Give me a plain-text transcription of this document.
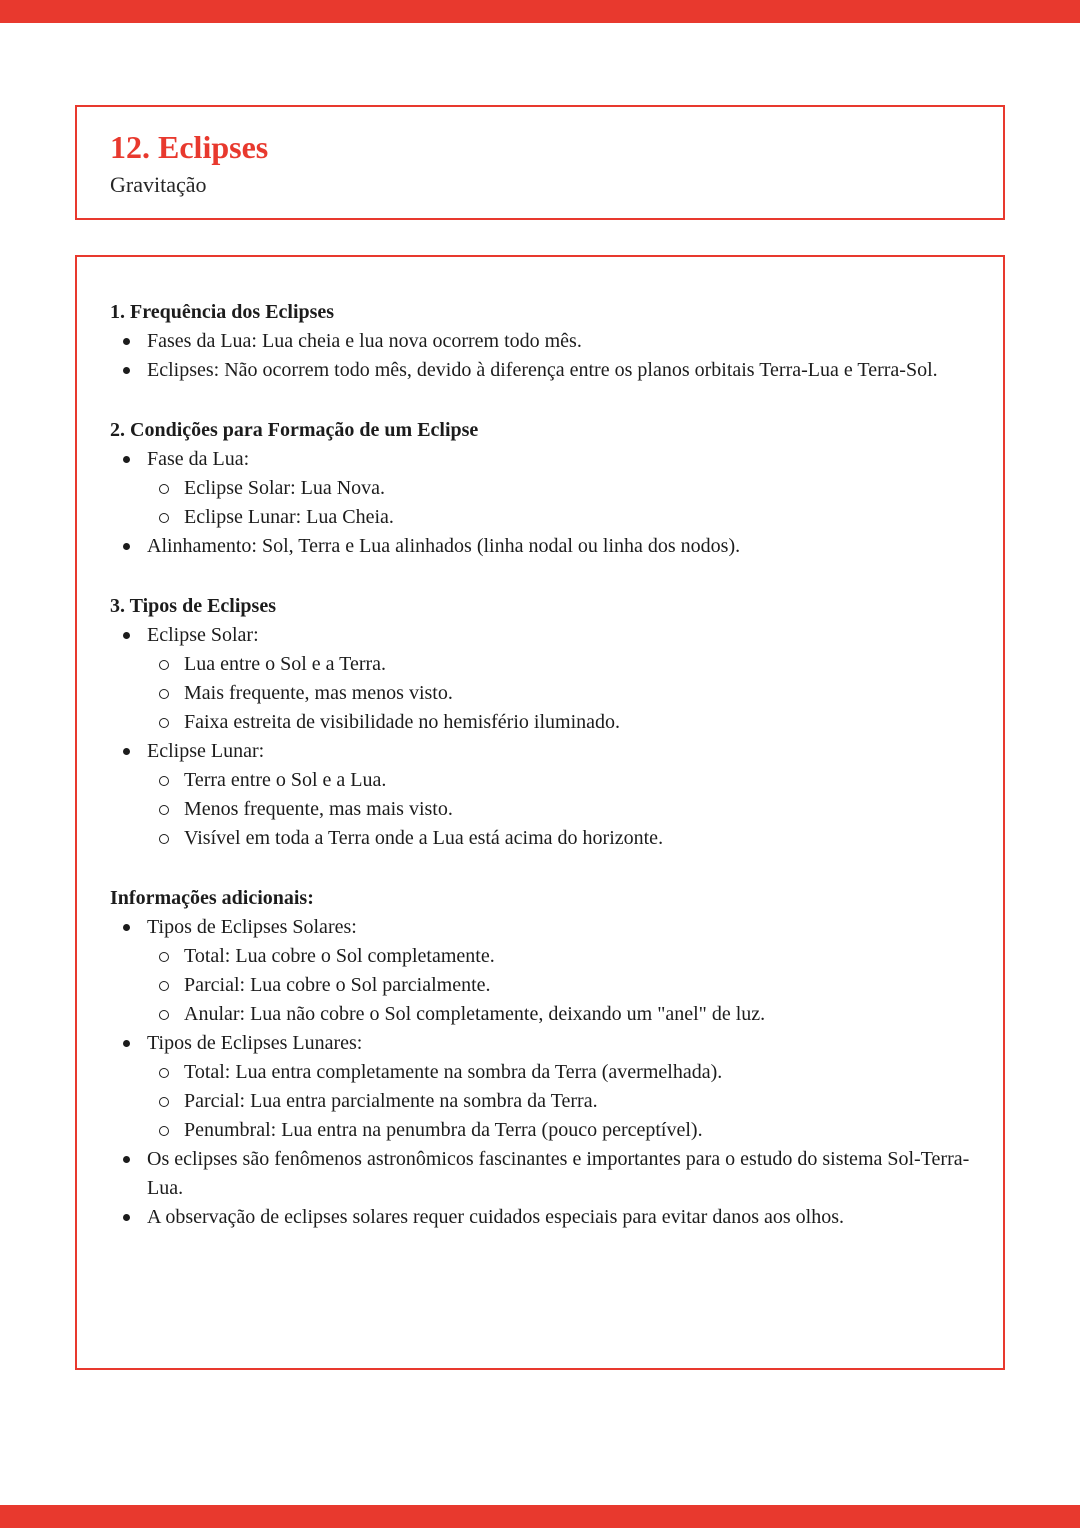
12. Eclipses
Gravitação
1. Frequência dos Eclipses
Fases da Lua: Lua cheia e lua nova ocorrem todo mês.
Eclipses: Não ocorrem todo mês, devido à diferença entre os planos orbitais Terra-Lua e Terra-Sol.
2. Condições para Formação de um Eclipse
Fase da Lua:
Eclipse Solar: Lua Nova.
Eclipse Lunar: Lua Cheia.
Alinhamento: Sol, Terra e Lua alinhados (linha nodal ou linha dos nodos).
3. Tipos de Eclipses
Eclipse Solar:
Lua entre o Sol e a Terra.
Mais frequente, mas menos visto.
Faixa estreita de visibilidade no hemisfério iluminado.
Eclipse Lunar:
Terra entre o Sol e a Lua.
Menos frequente, mas mais visto.
Visível em toda a Terra onde a Lua está acima do horizonte.
Informações adicionais:
Tipos de Eclipses Solares:
Total: Lua cobre o Sol completamente.
Parcial: Lua cobre o Sol parcialmente.
Anular: Lua não cobre o Sol completamente, deixando um "anel" de luz.
Tipos de Eclipses Lunares:
Total: Lua entra completamente na sombra da Terra (avermelhada).
Parcial: Lua entra parcialmente na sombra da Terra.
Penumbral: Lua entra na penumbra da Terra (pouco perceptível).
Os eclipses são fenômenos astronômicos fascinantes e importantes para o estudo do sistema Sol-Terra-Lua.
A observação de eclipses solares requer cuidados especiais para evitar danos aos olhos.
